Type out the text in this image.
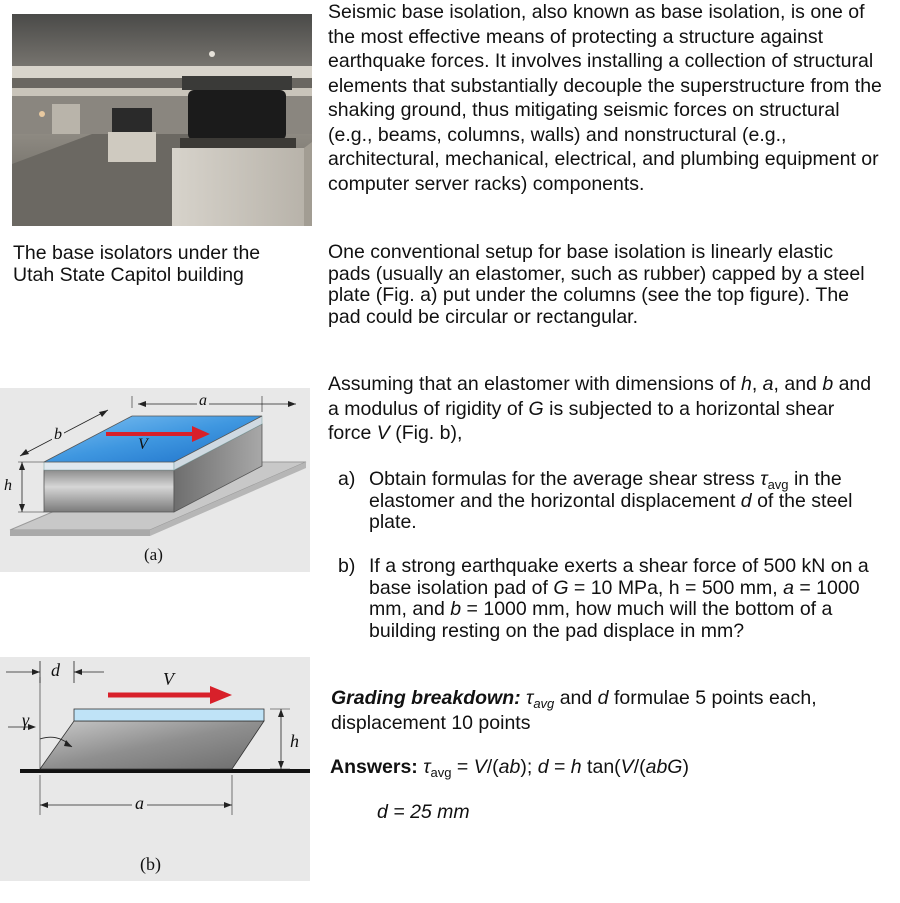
The base isolators under the Utah State Capitol building
a
b
h
V
(a)
d	V
γ
h
a
(b)

Seismic base isolation, also known as base isolation, is one of the most effective means of protecting a structure against earthquake forces. It involves installing a collection of structural elements that substantially decouple the superstructure from the shaking ground, thus mitigating seismic forces on structural (e.g., beams, columns, walls) and nonstructural (e.g., architectural, mechanical, electrical, and plumbing equipment or computer server racks) components.

One conventional setup for base isolation is linearly elastic pads (usually an elastomer, such as rubber) capped by a steel plate (Fig. a) put under the columns (see the top figure). The pad could be circular or rectangular.

Assuming that an elastomer with dimensions of h, a, and b and a modulus of rigidity of G is subjected to a horizontal shear force V (Fig. b),

a) Obtain formulas for the average shear stress $\tau_{avg}$ in the elastomer and the horizontal displacement d of the steel plate.

b) If a strong earthquake exerts a shear force of 500 kN on a base isolation pad of G = 10 MPa, h = 500 mm, a = 1000 mm, and b = 1000 mm, how much will the bottom of a building resting on the pad displace in mm?

Grading breakdown: $\tau_{avg}$ and d formulae 5 points each, displacement 10 points

Answers: $\tau_{avg} = V/(ab)$; d = h tan(V/(abG)

d = 25 mm
